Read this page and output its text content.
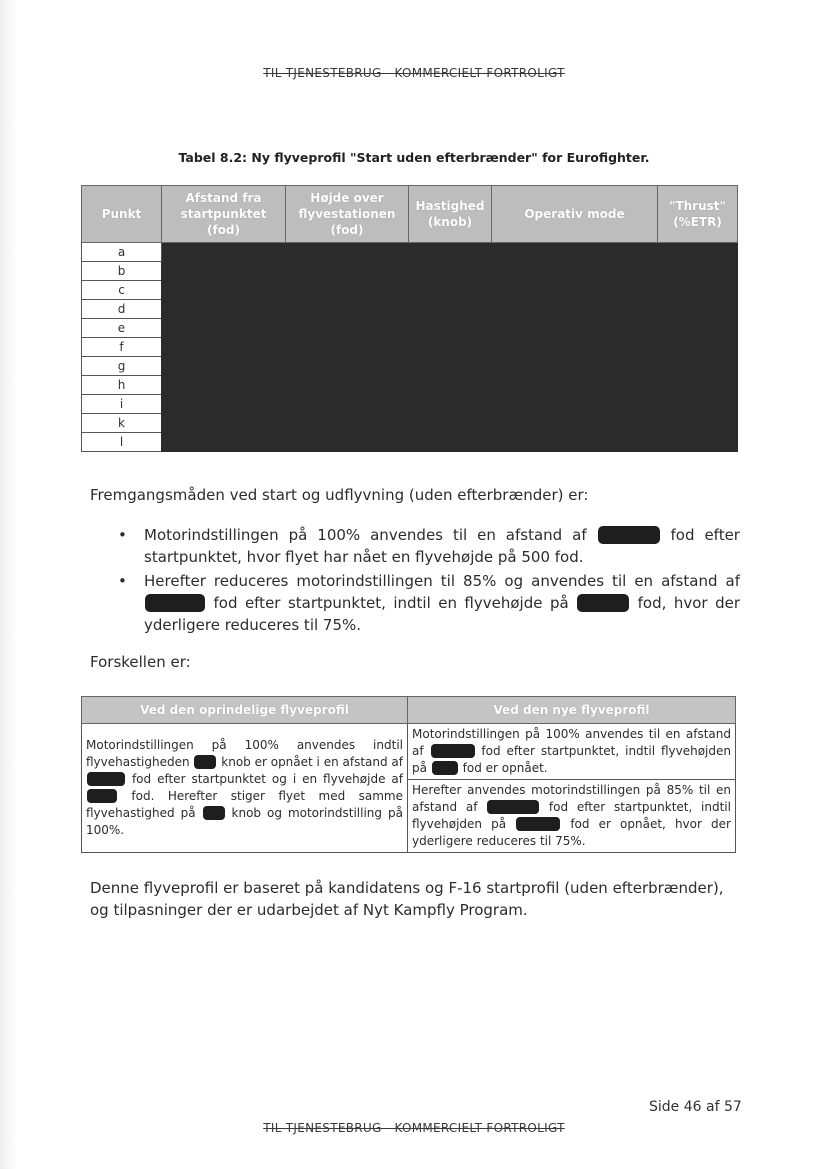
TIL TJENESTEBRUG - KOMMERCIELT FORTROLIGT
Tabel 8.2: Ny flyveprofil "Start uden efterbrænder" for Eurofighter.
Punkt	Afstand fra startpunktet (fod)	Højde over flyvestationen (fod)	Hastighed (knob)	Operativ mode	"Thrust" (%ETR)
a					
b					
c					
d					
e					
f					
g					
h					
i					
k					
l					
Fremgangsmåden ved start og udflyvning (uden efterbrænder) er:
• Motorindstillingen på 100% anvendes til en afstand af	fod efter startpunktet, hvor flyet har nået en flyvehøjde på 500 fod.
• Herefter reduceres motorindstillingen til 85% og anvendes til en afstand af  fod efter startpunktet, indtil en flyvehøjde på	fod, hvor der yderligere reduceres til 75%.
Forskellen er:
Ved den oprindelige flyveprofil	Ved den nye flyveprofil
Motorindstillingen på 100% anvendes indtil flyvehastigheden knob er opnået i en afstand af  fod efter startpunktet og i en flyvehøjde af  fod. Herefter stiger flyet med samme flyvehastighed på knob og motorindstilling på 100%.	Motorindstillingen på 100% anvendes til en afstand af fod efter startpunktet, indtil flyvehøjden på fod er opnået.
	Herefter anvendes motorindstillingen på 85% til en afstand af fod efter startpunktet, indtil flyvehøjden på fod er opnået, hvor der yderligere reduceres til 75%.
Denne flyveprofil er baseret på kandidatens og F-16 startprofil (uden efterbrænder), og tilpasninger der er udarbejdet af Nyt Kampfly Program.
Side 46 af 57
TIL TJENESTEBRUG - KOMMERCIELT FORTROLIGT
